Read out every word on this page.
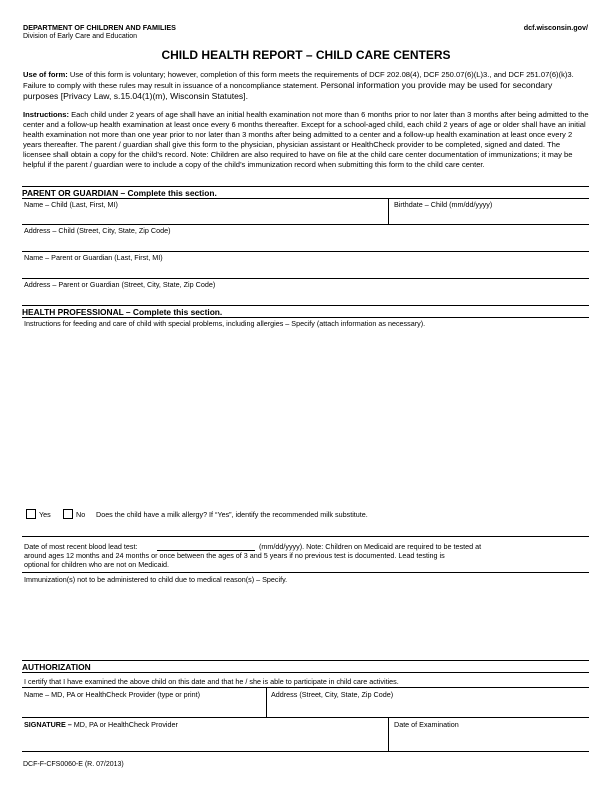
DEPARTMENT OF CHILDREN AND FAMILIES
Division of Early Care and Education
dcf.wisconsin.gov/
CHILD HEALTH REPORT – CHILD CARE CENTERS
Use of form: Use of this form is voluntary; however, completion of this form meets the requirements of DCF 202.08(4), DCF 250.07(6)(L)3., and DCF 251.07(6)(k)3. Failure to comply with these rules may result in issuance of a noncompliance statement. Personal information you provide may be used for secondary purposes [Privacy Law, s.15.04(1)(m), Wisconsin Statutes].
Instructions: Each child under 2 years of age shall have an initial health examination not more than 6 months prior to nor later than 3 months after being admitted to the center and a follow-up health examination at least once every 6 months thereafter. Except for a school-aged child, each child 2 years of age or older shall have an initial health examination not more than one year prior to nor later than 3 months after being admitted to a center and a follow-up health examination at least once every 2 years thereafter. The parent / guardian shall give this form to the physician, physician assistant or HealthCheck provider to be completed, signed and dated. The licensee shall obtain a copy for the child’s record. Note: Children are also required to have on file at the child care center documentation of immunizations; it may be helpful if the parent / guardian were to include a copy of the child’s immunization record when submitting this form to the child care center.
PARENT OR GUARDIAN – Complete this section.
Name – Child (Last, First, MI)	Birthdate – Child (mm/dd/yyyy)
Address – Child (Street, City, State, Zip Code)
Name – Parent or Guardian (Last, First, MI)
Address – Parent or Guardian (Street, City, State, Zip Code)
HEALTH PROFESSIONAL – Complete this section.
Instructions for feeding and care of child with special problems, including allergies – Specify (attach information as necessary).
Yes	No Does the child have a milk allergy? If “Yes”, identify the recommended milk substitute.
Date of most recent blood lead test:	(mm/dd/yyyy). Note: Children on Medicaid are required to be tested at
around ages 12 months and 24 months or once between the ages of 3 and 5 years if no previous test is documented. Lead testing is
optional for children who are not on Medicaid.
Immunization(s) not to be administered to child due to medical reason(s) – Specify.
AUTHORIZATION
I certify that I have examined the above child on this date and that he / she is able to participate in child care activities.
Name – MD, PA or HealthCheck Provider (type or print)	Address (Street, City, State, Zip Code)
SIGNATURE – MD, PA or HealthCheck Provider	Date of Examination
DCF-F-CFS0060-E (R. 07/2013)
